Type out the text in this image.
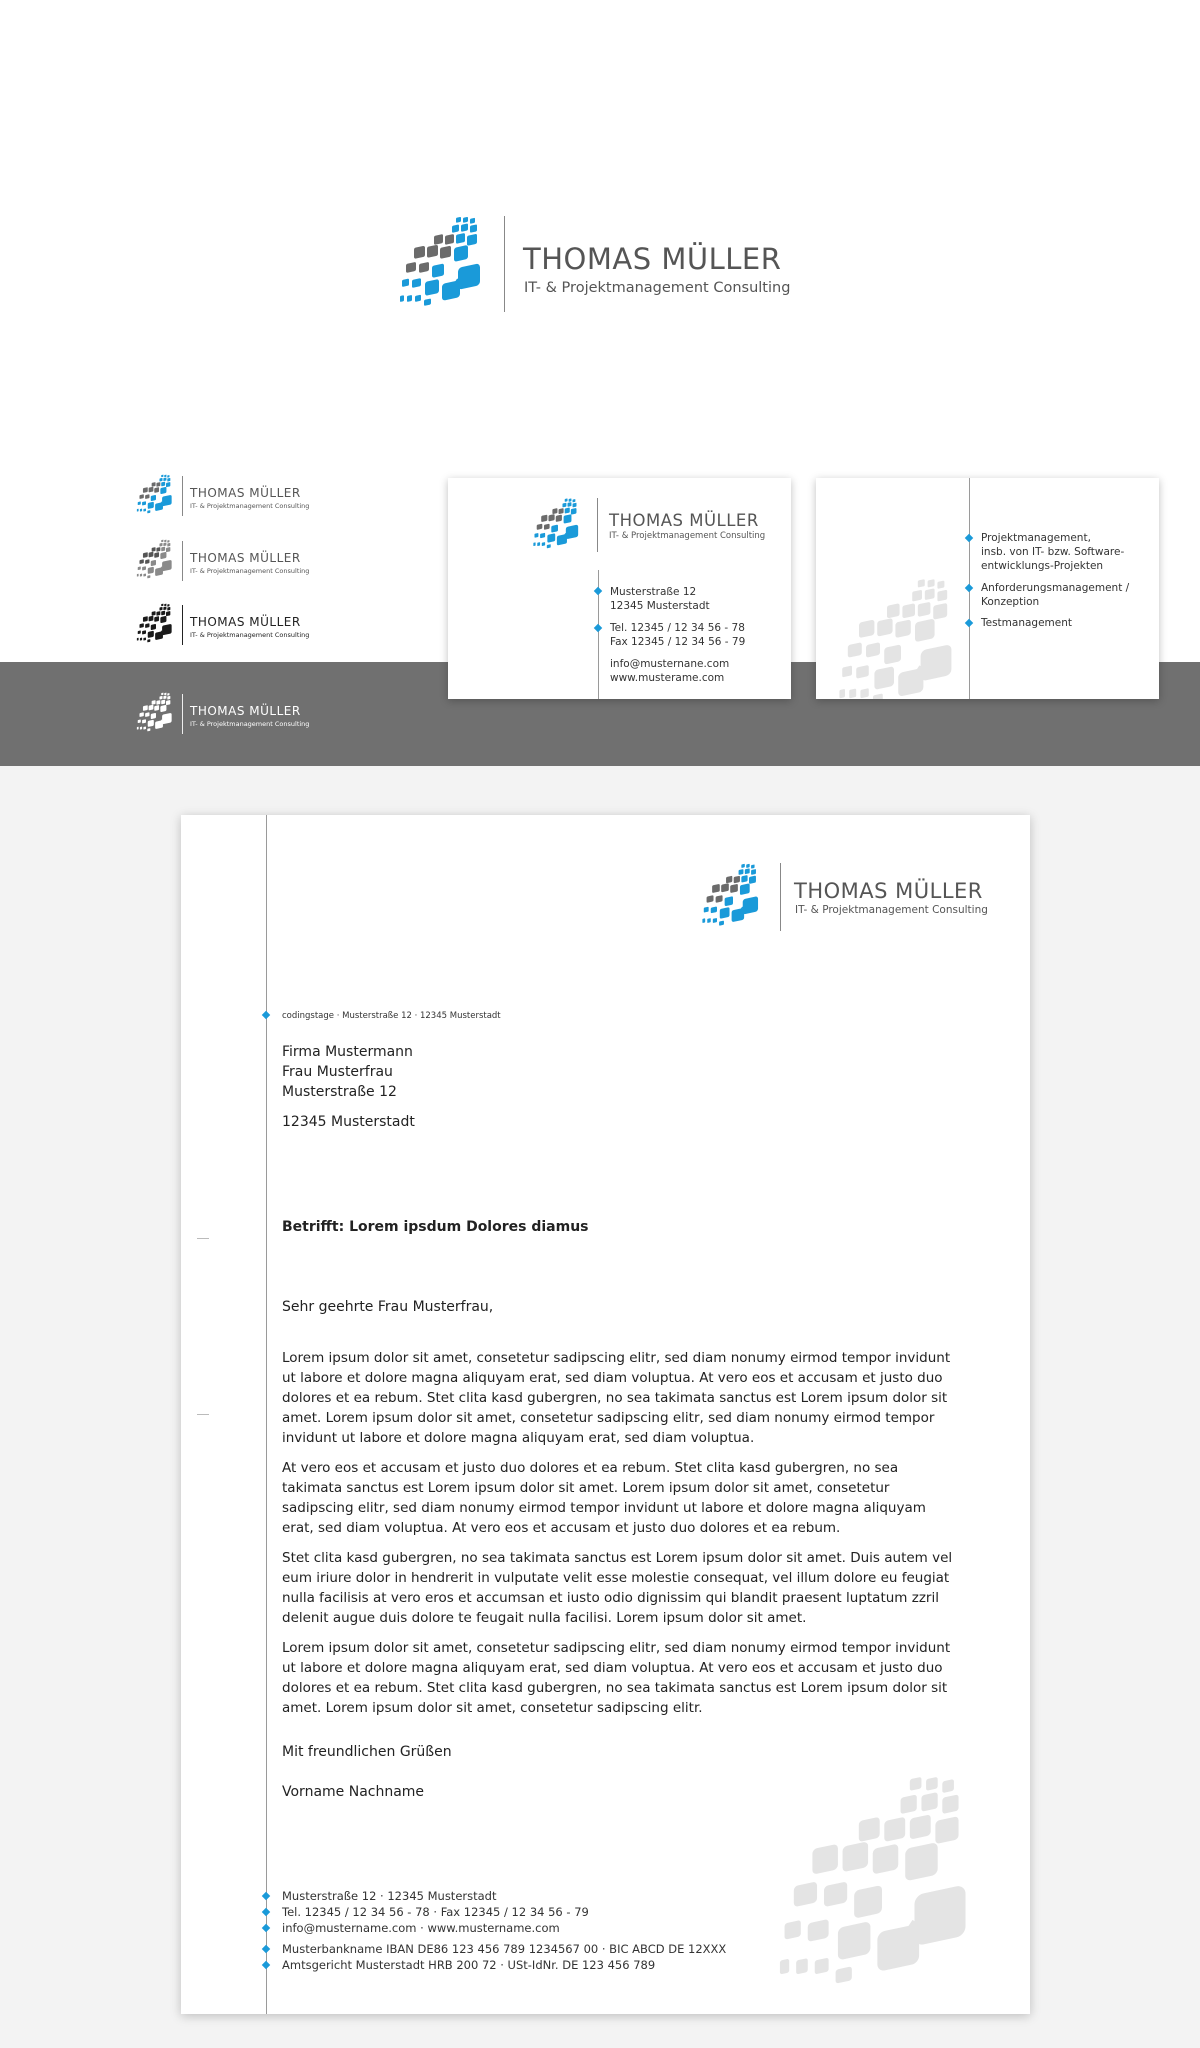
THOMAS MÜLLER
IT- & Projektmanagement Consulting
THOMAS MÜLLER
IT- & Projektmanagement Consulting
THOMAS MÜLLER
IT- & Projektmanagement Consulting
THOMAS MÜLLER
IT- & Projektmanagement Consulting
THOMAS MÜLLER
IT- & Projektmanagement Consulting
THOMAS MÜLLER
IT- & Projektmanagement Consulting
Musterstraße 12
12345 Musterstadt
Tel. 12345 / 12 34 56 - 78
Fax 12345 / 12 34 56 - 79
info@musternane.com
www.musterame.com
Projektmanagement,
insb. von IT- bzw. Software-
entwicklungs-Projekten
Anforderungsmanagement /
Konzeption
Testmanagement
THOMAS MÜLLER
IT- & Projektmanagement Consulting
codingstage · Musterstraße 12 · 12345 Musterstadt
Firma Mustermann
Frau Musterfrau
Musterstraße 12
12345 Musterstadt
Betrifft: Lorem ipsdum Dolores diamus
Sehr geehrte Frau Musterfrau,
Lorem ipsum dolor sit amet, consetetur sadipscing elitr, sed diam nonumy eirmod tempor invidunt ut labore et dolore magna aliquyam erat, sed diam voluptua. At vero eos et accusam et justo duo dolores et ea rebum. Stet clita kasd gubergren, no sea takimata sanctus est Lorem ipsum dolor sit amet. Lorem ipsum dolor sit amet, consetetur sadipscing elitr, sed diam nonumy eirmod tempor invidunt ut labore et dolore magna aliquyam erat, sed diam voluptua.
At vero eos et accusam et justo duo dolores et ea rebum. Stet clita kasd gubergren, no sea takimata sanctus est Lorem ipsum dolor sit amet. Lorem ipsum dolor sit amet, consetetur sadipscing elitr, sed diam nonumy eirmod tempor invidunt ut labore et dolore magna aliquyam erat, sed diam voluptua. At vero eos et accusam et justo duo dolores et ea rebum.
Stet clita kasd gubergren, no sea takimata sanctus est Lorem ipsum dolor sit amet. Duis autem vel eum iriure dolor in hendrerit in vulputate velit esse molestie consequat, vel illum dolore eu feugiat nulla facilisis at vero eros et accumsan et iusto odio dignissim qui blandit praesent luptatum zzril delenit augue duis dolore te feugait nulla facilisi. Lorem ipsum dolor sit amet.
Lorem ipsum dolor sit amet, consetetur sadipscing elitr, sed diam nonumy eirmod tempor invidunt ut labore et dolore magna aliquyam erat, sed diam voluptua. At vero eos et accusam et justo duo dolores et ea rebum. Stet clita kasd gubergren, no sea takimata sanctus est Lorem ipsum dolor sit amet. Lorem ipsum dolor sit amet, consetetur sadipscing elitr.
Mit freundlichen Grüßen
Vorname Nachname
Musterstraße 12 · 12345 Musterstadt
Tel. 12345 / 12 34 56 - 78 · Fax 12345 / 12 34 56 - 79
info@mustername.com · www.mustername.com
Musterbankname IBAN DE86 123 456 789 1234567 00 · BIC ABCD DE 12XXX
Amtsgericht Musterstadt HRB 200 72 · USt-IdNr. DE 123 456 789
